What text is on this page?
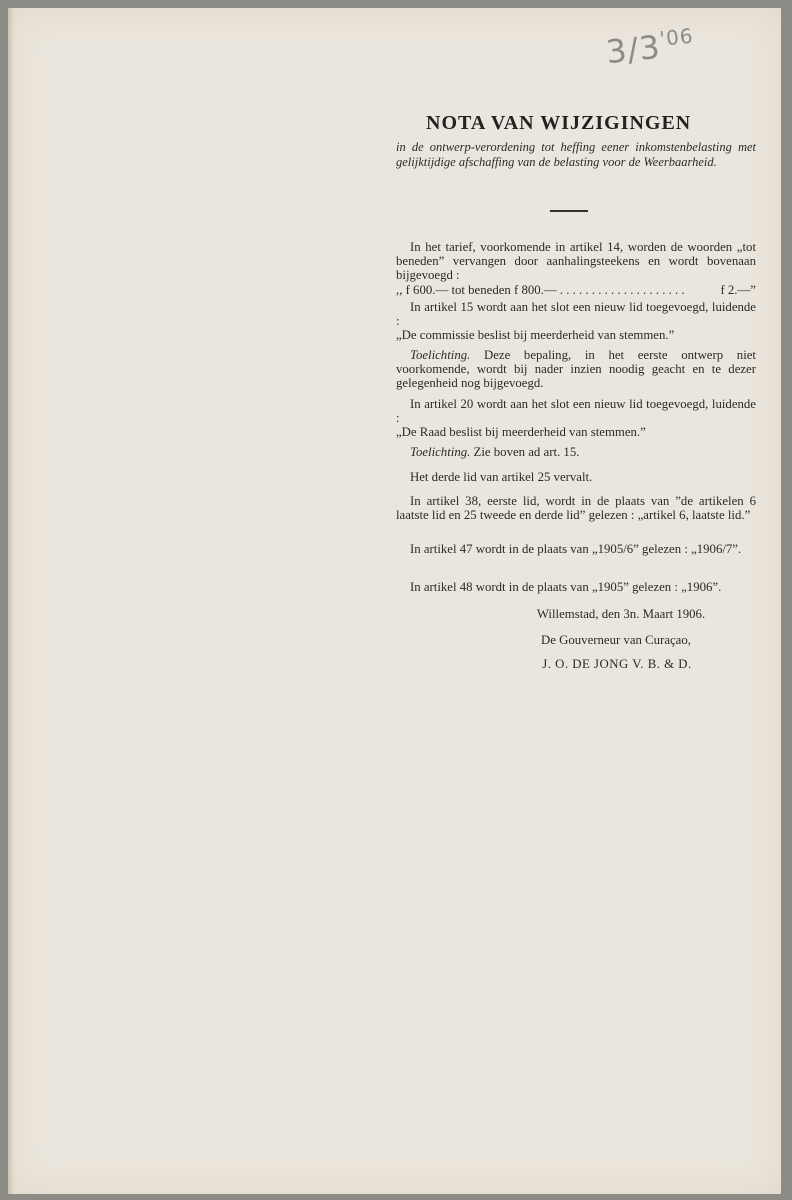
$3/3^{'06}$
NOTA VAN WIJZIGINGEN
in de ontwerp-verordening tot heffing eener inkomstenbelasting met gelijktijdige afschaffing van de belasting voor de Weerbaarheid.
In het tarief, voorkomende in artikel 14, worden de woorden „tot beneden” vervangen door aanhalingsteekens en wordt bovenaan bijgevoegd :
,, f 600.— tot beneden f 800.— . . . . . . . . . . . . . . . . . . . .	f 2.—”
In artikel 15 wordt aan het slot een nieuw lid toegevoegd, luidende :
„De commissie beslist bij meerderheid van stemmen.”
Toelichting. Deze bepaling, in het eerste ontwerp niet voorkomende, wordt bij nader inzien noodig geacht en te dezer gelegenheid nog bijgevoegd.
In artikel 20 wordt aan het slot een nieuw lid toegevoegd, luidende :
„De Raad beslist bij meerderheid van stemmen.”
Toelichting. Zie boven ad art. 15.
Het derde lid van artikel 25 vervalt.
In artikel 38, eerste lid, wordt in de plaats van ”de artikelen 6 laatste lid en 25 tweede en derde lid” gelezen : „artikel 6, laatste lid.”
In artikel 47 wordt in de plaats van „1905/6” gelezen : „1906/7”.
In artikel 48 wordt in de plaats van „1905” gelezen : „1906”.
Willemstad, den 3n. Maart 1906.
De Gouverneur van Curaçao,
J. O. DE JONG V. B. & D.
